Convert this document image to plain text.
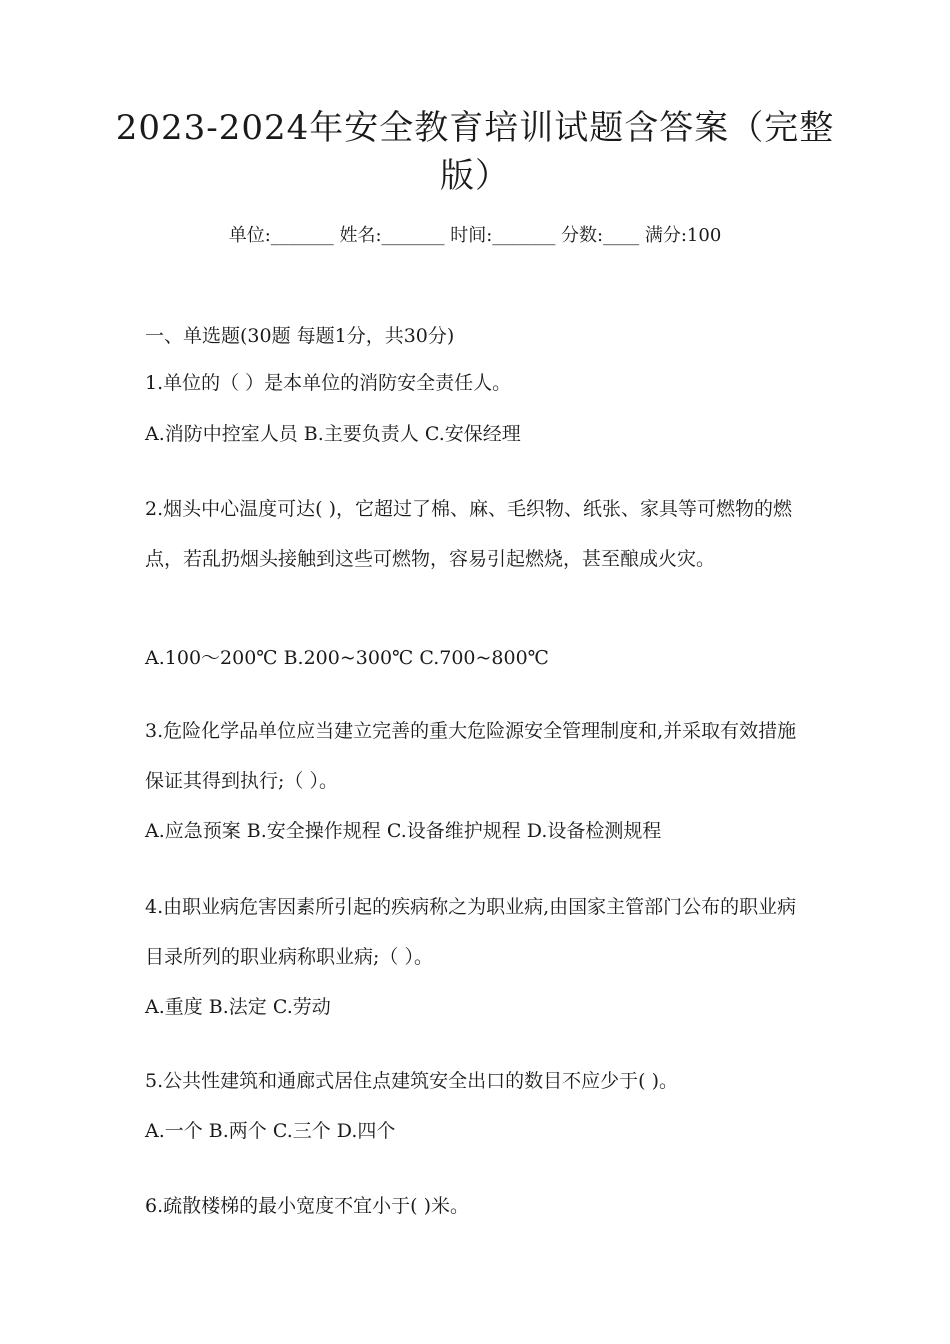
2023-2024年安全教育培训试题含答案（完整版）
单位:_______ 姓名:_______ 时间:_______ 分数:____ 满分:100
一、单选题(30题 每题1分，共30分)
1.单位的（ ）是本单位的消防安全责任人。
A.消防中控室人员 B.主要负责人 C.安保经理
2.烟头中心温度可达( )，它超过了棉、麻、毛织物、纸张、家具等可燃物的燃点，若乱扔烟头接触到这些可燃物，容易引起燃烧，甚至酿成火灾。
A.100～200℃ B.200~300℃ C.700~800℃
3.危险化学品单位应当建立完善的重大危险源安全管理制度和,并采取有效措施保证其得到执行;（ ）。
A.应急预案 B.安全操作规程 C.设备维护规程 D.设备检测规程
4.由职业病危害因素所引起的疾病称之为职业病,由国家主管部门公布的职业病目录所列的职业病称职业病;（ ）。
A.重度 B.法定 C.劳动
5.公共性建筑和通廊式居住点建筑安全出口的数目不应少于( )。
A.一个 B.两个 C.三个 D.四个
6.疏散楼梯的最小宽度不宜小于( )米。
